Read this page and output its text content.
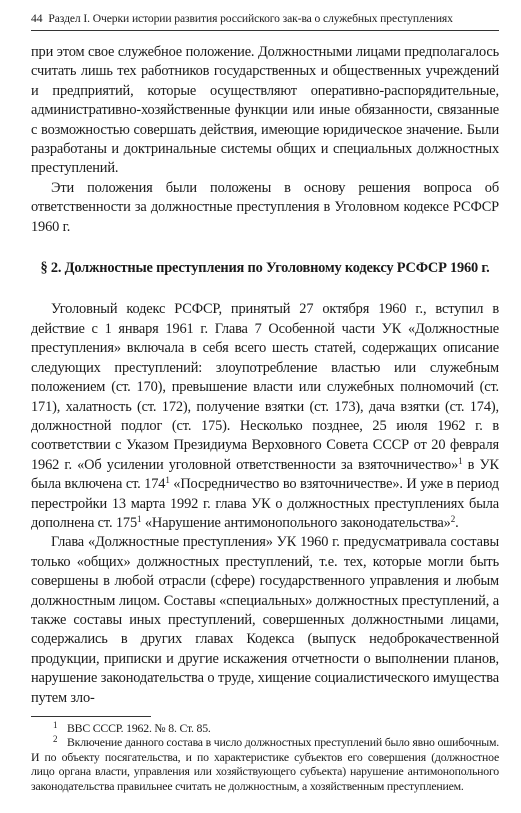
44 Раздел I. Очерки истории развития российского зак-ва о служебных преступлениях

при этом свое служебное положение. Должностными лицами предполагалось считать лишь тех работников государственных и общественных учреждений и предприятий, которые осуществляют оперативно-распорядительные, административно-хозяйственные функции или иные обязанности, связанные с возможностью совершать действия, имеющие юридическое значение. Были разработаны и доктринальные системы общих и специальных должностных преступлений.

Эти положения были положены в основу решения вопроса об ответственности за должностные преступления в Уголовном кодексе РСФСР 1960 г.

§ 2. Должностные преступления по Уголовному кодексу РСФСР 1960 г.

Уголовный кодекс РСФСР, принятый 27 октября 1960 г., вступил в действие с 1 января 1961 г. Глава 7 Особенной части УК «Должностные преступления» включала в себя всего шесть статей, содержащих описание следующих преступлений: злоупотребление властью или служебным положением (ст. 170), превышение власти или служебных полномочий (ст. 171), халатность (ст. 172), получение взятки (ст. 173), дача взятки (ст. 174), должностной подлог (ст. 175). Несколько позднее, 25 июля 1962 г. в соответствии с Указом Президиума Верховного Совета СССР от 20 февраля 1962 г. «Об усилении уголовной ответственности за взяточничество»$^1$ в УК была включена ст. $174^1$ «Посредничество во взяточничестве». И уже в период перестройки 13 марта 1992 г. глава УК о должностных преступлениях была дополнена ст. $175^1$ «Нарушение антимонопольного законодательства»$^2$.

Глава «Должностные преступления» УК 1960 г. предусматривала составы только «общих» должностных преступлений, т.е. тех, которые могли быть совершены в любой отрасли (сфере) государственного управления и любым должностным лицом. Составы «специальных» должностных преступлений, а также составы иных преступлений, совершенных должностными лицами, содержались в других главах Кодекса (выпуск недоброкачественной продукции, приписки и другие искажения отчетности о выполнении планов, нарушение законодательства о труде, хищение социалистического имущества путем зло-

1 ВВС СССР. 1962. № 8. Ст. 85.

2 Включение данного состава в число должностных преступлений было явно ошибочным. И по объекту посягательства, и по характеристике субъектов его совершения (должностное лицо органа власти, управления или хозяйствующего субъекта) нарушение антимонопольного законодательства правильнее считать не должностным, а хозяйственным преступлением.
